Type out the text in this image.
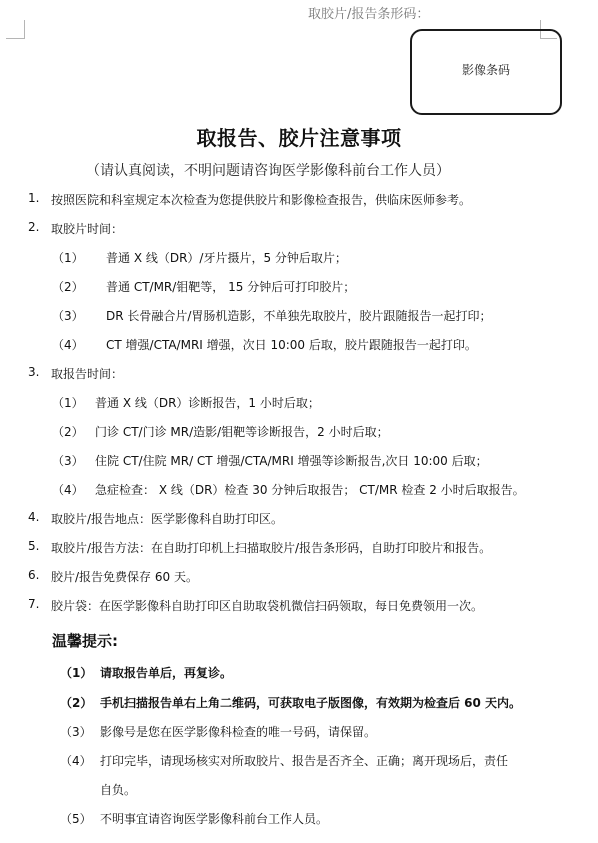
取胶片/报告条形码：
影像条码
取报告、胶片注意事项
（请认真阅读，不明问题请咨询医学影像科前台工作人员）
1. 按照医院和科室规定本次检查为您提供胶片和影像检查报告，供临床医师参考。
2. 取胶片时间：
（1） 普通 X 线（DR）/牙片摄片，5 分钟后取片；
（2） 普通 CT/MR/钼靶等， 15 分钟后可打印胶片；
（3） DR 长骨融合片/胃肠机造影，不单独先取胶片，胶片跟随报告一起打印；
（4） CT 增强/CTA/MRI 增强，次日 10:00 后取，胶片跟随报告一起打印。
3. 取报告时间：
（1） 普通 X 线（DR）诊断报告，1 小时后取；
（2） 门诊 CT/门诊 MR/造影/钼靶等诊断报告，2 小时后取；
（3） 住院 CT/住院 MR/ CT 增强/CTA/MRI 增强等诊断报告,次日 10:00 后取；
（4） 急症检查： X 线（DR）检查 30 分钟后取报告； CT/MR 检查 2 小时后取报告。
4. 取胶片/报告地点：医学影像科自助打印区。
5. 取胶片/报告方法：在自助打印机上扫描取胶片/报告条形码，自助打印胶片和报告。
6. 胶片/报告免费保存 60 天。
7. 胶片袋：在医学影像科自助打印区自助取袋机微信扫码领取，每日免费领用一次。
温馨提示:
（1） 请取报告单后，再复诊。
（2） 手机扫描报告单右上角二维码，可获取电子版图像，有效期为检查后 60 天内。
（3） 影像号是您在医学影像科检查的唯一号码，请保留。
（4） 打印完毕，请现场核实对所取胶片、报告是否齐全、正确；离开现场后，责任
自负。
（5） 不明事宜请咨询医学影像科前台工作人员。
